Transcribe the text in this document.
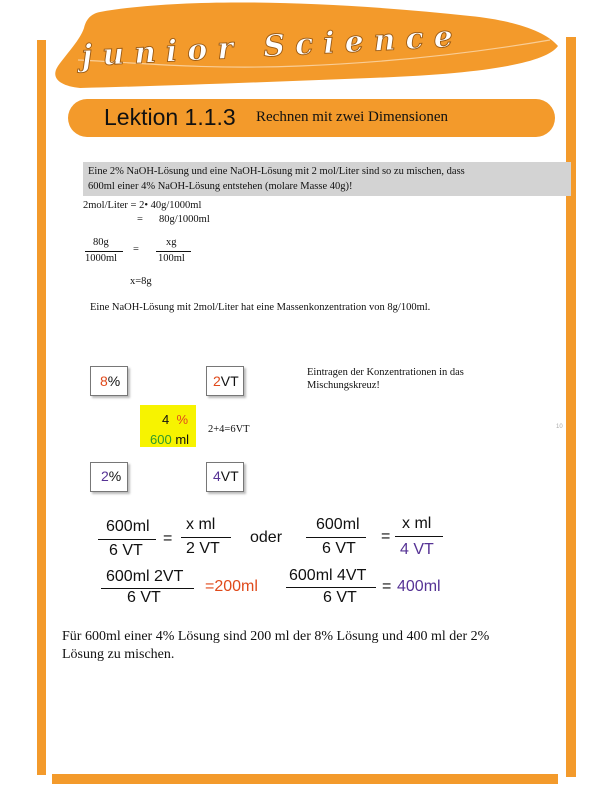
junior Science
Lektion 1.1.3 Rechnen mit zwei Dimensionen
Eine 2% NaOH-Lösung und eine NaOH-Lösung mit 2 mol/Liter sind so zu mischen, dass
600ml einer 4% NaOH-Lösung entstehen (molare Masse 40g)!
2mol/Liter = 2• 40g/1000ml
= 80g/1000ml
80g
1000ml
=
xg
100ml
x=8g
Eine NaOH-Lösung mit 2mol/Liter hat eine Massenkonzentration von 8g/100ml.
8%	2VT
Eintragen der Konzentrationen in das
Mischungskreuz!
4 %
600 ml
2+4=6VT	10
2%	4VT
600ml
6 VT
=
x ml
2 VT
oder
600ml
6 VT
=
x ml
4 VT
600ml 2VT
6 VT
=200ml
600ml 4VT
6 VT
= 400ml
Für 600ml einer 4% Lösung sind 200 ml der 8% Lösung und 400 ml der 2%
Lösung zu mischen.
